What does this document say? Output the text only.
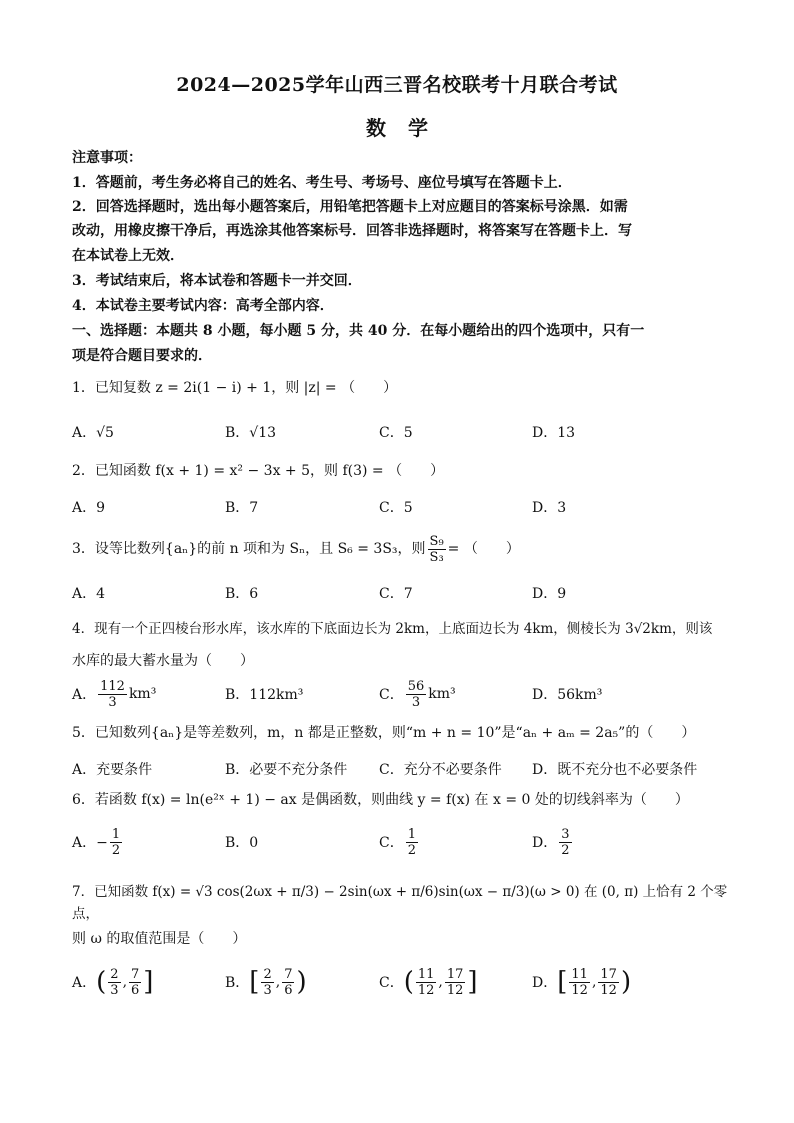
2024—2025学年山西三晋名校联考十月联合考试
数学
注意事项：
1．答题前，考生务必将自己的姓名、考生号、考场号、座位号填写在答题卡上．
2．回答选择题时，选出每小题答案后，用铅笔把答题卡上对应题目的答案标号涂黑．如需
改动，用橡皮擦干净后，再选涂其他答案标号．回答非选择题时，将答案写在答题卡上．写
在本试卷上无效．
3．考试结束后，将本试卷和答题卡一并交回．
4．本试卷主要考试内容：高考全部内容．
一、选择题：本题共 8 小题，每小题 5 分，共 40 分．在每小题给出的四个选项中，只有一
项是符合题目要求的．
1．已知复数 z = 2i(1 − i) + 1，则 |z| = （　　）
A．√5	B．√13	C．5	D．13
2．已知函数 f(x + 1) = x² − 3x + 5，则 f(3) = （　　）
A．9	B．7	C．5	D．3
3．设等比数列{aₙ}的前 n 项和为 Sₙ，且 S₆ = 3S₃，则 $\frac{\text{S₉}}{\text{S₃}}$ = （　　）
A．4	B．6	C．7	D．9
4．现有一个正四棱台形水库，该水库的下底面边长为 2km，上底面边长为 4km，侧棱长为 3√2km，则该
水库的最大蓄水量为（　　）
A． $\frac{112}{3} km^3$	B．112km³	C． $\frac{56}{3} km^3$	D．56km³
5．已知数列{aₙ}是等差数列，m，n 都是正整数，则“m + n = 10”是“aₙ + aₘ = 2a₅”的（　　）
A．充要条件	B．必要不充分条件 C．充分不必要条件 D．既不充分也不必要条件
6．若函数 f(x) = ln(e²ˣ + 1) − ax 是偶函数，则曲线 y = f(x) 在 x = 0 处的切线斜率为（　　）
A．− $\frac{1}{2}$	B．0	C． $\frac{1}{2}$	D． $\frac{3}{2}$
7．已知函数 f(x) = √3 cos(2ωx + π/3) − 2sin(ωx + π/6)sin(ωx − π/3)(ω > 0) 在 (0, π) 上恰有 2 个零点，
则 ω 的取值范围是（　　）
A． ( $\frac{2}{3}$ , $\frac{7}{6}$ ]	B． [ $\frac{2}{3}$ , $\frac{7}{6}$ )	C． ( $\frac{11}{12}$ , $\frac{17}{12}$ ]	D． [ $\frac{11}{12}$ , $\frac{17}{12}$ )
